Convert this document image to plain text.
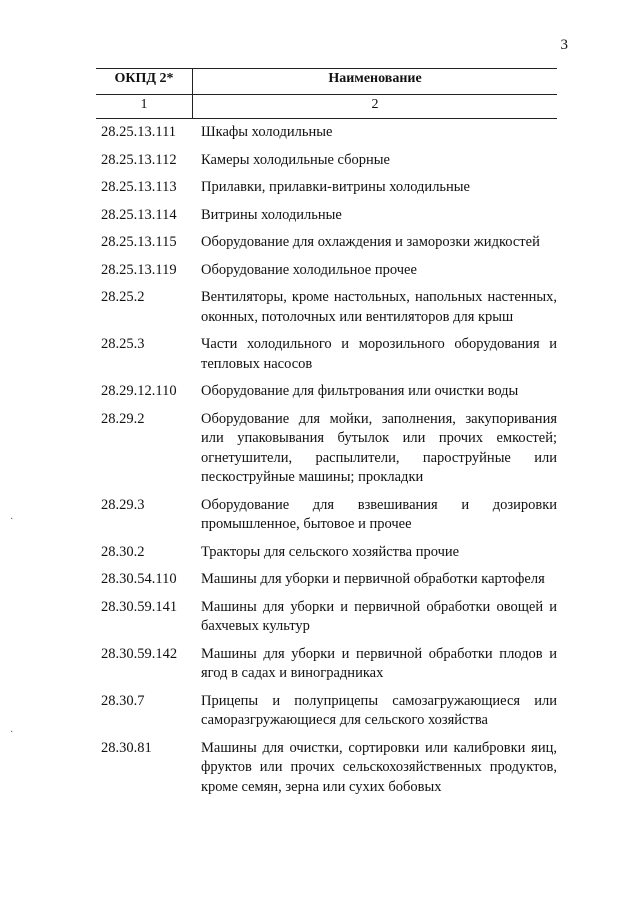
3
ОКПД 2*	Наименование
1	2
28.25.13.111	Шкафы холодильные
28.25.13.112	Камеры холодильные сборные
28.25.13.113	Прилавки, прилавки-витрины холодильные
28.25.13.114	Витрины холодильные
28.25.13.115	Оборудование для охлаждения и заморозки жидкостей
28.25.13.119	Оборудование холодильное прочее
28.25.2	Вентиляторы, кроме настольных, напольных настенных, оконных, потолочных или вентиляторов для крыш
28.25.3	Части холодильного и морозильного оборудования и тепловых насосов
28.29.12.110	Оборудование для фильтрования или очистки воды
28.29.2	Оборудование для мойки, заполнения, закупоривания или упаковывания бутылок или прочих емкостей; огнетушители, распылители, пароструйные или пескоструйные машины; прокладки
28.29.3	Оборудование для взвешивания и дозировки промышленное, бытовое и прочее
28.30.2	Тракторы для сельского хозяйства прочие
28.30.54.110	Машины для уборки и первичной обработки картофеля
28.30.59.141	Машины для уборки и первичной обработки овощей и бахчевых культур
28.30.59.142	Машины для уборки и первичной обработки плодов и ягод в садах и виноградниках
28.30.7	Прицепы и полуприцепы самозагружающиеся или саморазгружающиеся для сельского хозяйства
28.30.81	Машины для очистки, сортировки или калибровки яиц, фруктов или прочих сельскохозяйственных продуктов, кроме семян, зерна или сухих бобовых
·
·
